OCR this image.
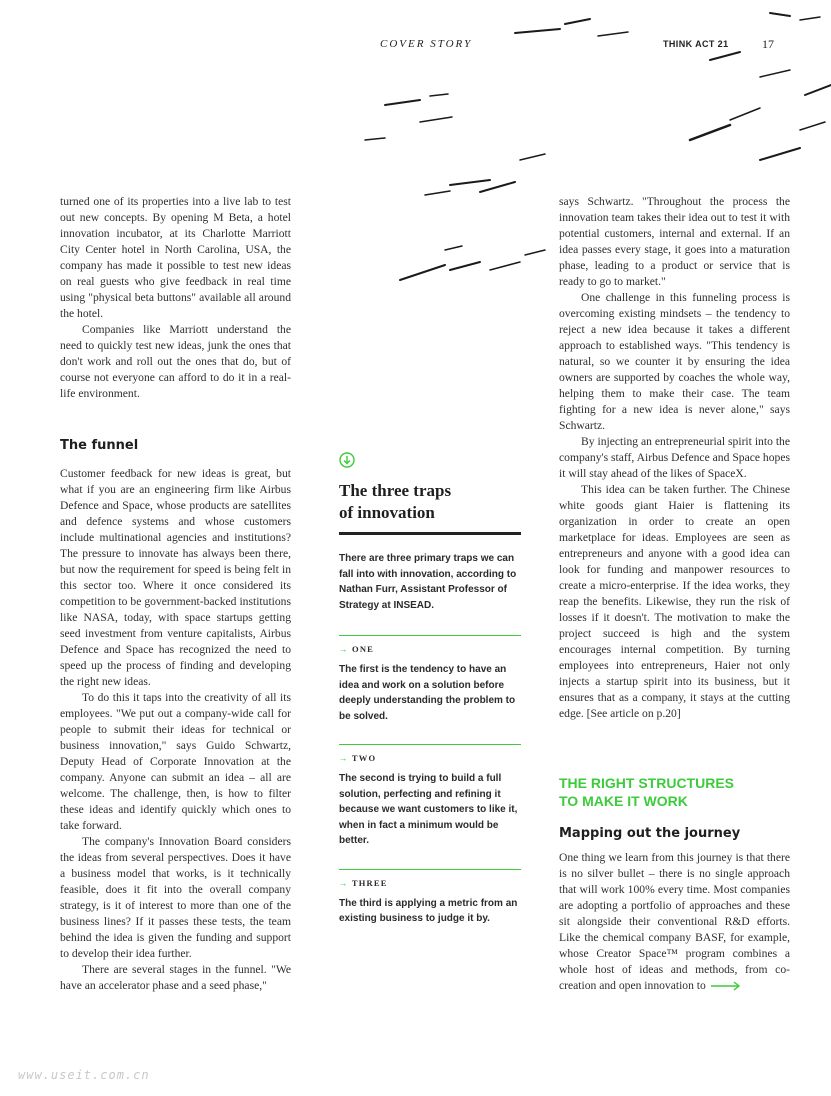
COVER STORY	THINK ACT 21	17

turned one of its properties into a live lab to test out new concepts. By opening M Beta, a hotel innovation incubator, at its Charlotte Marriott City Center hotel in North Carolina, USA, the company has made it possible to test new ideas on real guests who give feedback in real time using "physical beta buttons" available all around the hotel.

Companies like Marriott understand the need to quickly test new ideas, junk the ones that don't work and roll out the ones that do, but of course not everyone can afford to do it in a real-life environment.

The funnel

Customer feedback for new ideas is great, but what if you are an engineering firm like Airbus Defence and Space, whose products are satellites and defence systems and whose customers include multinational agencies and institutions? The pressure to innovate has always been there, but now the requirement for speed is being felt in this sector too. Where it once considered its competition to be government-backed institutions like NASA, today, with space startups getting seed investment from venture capitalists, Airbus Defence and Space has recognized the need to speed up the process of finding and developing the right new ideas.

To do this it taps into the creativity of all its employees. "We put out a company-wide call for people to submit their ideas for technical or business innovation," says Guido Schwartz, Deputy Head of Corporate Innovation at the company. Anyone can submit an idea – all are welcome. The challenge, then, is how to filter these ideas and identify quickly which ones to take forward.

The company's Innovation Board considers the ideas from several perspectives. Does it have a business model that works, is it technically feasible, does it fit into the overall company strategy, is it of interest to more than one of the business lines? If it passes these tests, the team behind the idea is given the funding and support to develop their idea further.

There are several stages in the funnel. "We have an accelerator phase and a seed phase,"

The three traps
of innovation

There are three primary traps we can fall into with innovation, according to Nathan Furr, Assistant Professor of Strategy at INSEAD.

→ ONE

The first is the tendency to have an idea and work on a solution before deeply understanding the problem to be solved.

→ TWO

The second is trying to build a full solution, perfecting and refining it because we want customers to like it, when in fact a minimum would be better.

→ THREE

The third is applying a metric from an existing business to judge it by.

says Schwartz. "Throughout the process the innovation team takes their idea out to test it with potential customers, internal and external. If an idea passes every stage, it goes into a maturation phase, leading to a product or service that is ready to go to market."

One challenge in this funneling process is overcoming existing mindsets – the tendency to reject a new idea because it takes a different approach to established ways. "This tendency is natural, so we counter it by ensuring the idea owners are supported by coaches the whole way, helping them to make their case. The team fighting for a new idea is never alone," says Schwartz.

By injecting an entrepreneurial spirit into the company's staff, Airbus Defence and Space hopes it will stay ahead of the likes of SpaceX.

This idea can be taken further. The Chinese white goods giant Haier is flattening its organization in order to create an open marketplace for ideas. Employees are seen as entrepreneurs and anyone with a good idea can look for funding and manpower resources to create a micro-enterprise. If the idea works, they reap the benefits. Likewise, they run the risk of losses if it doesn't. The motivation to make the project succeed is high and the system encourages internal competition. By turning employees into entrepreneurs, Haier not only injects a startup spirit into its business, but it ensures that as a company, it stays at the cutting edge. [See article on p.20]

THE RIGHT STRUCTURES
TO MAKE IT WORK
Mapping out the journey

One thing we learn from this journey is that there is no silver bullet – there is no single approach that will work 100% every time. Most companies are adopting a portfolio of approaches and these sit alongside their conventional R&D efforts. Like the chemical company BASF, for example, whose Creator Space™ program combines a whole host of ideas and methods, from co-creation and open innovation to

www.useit.com.cn
